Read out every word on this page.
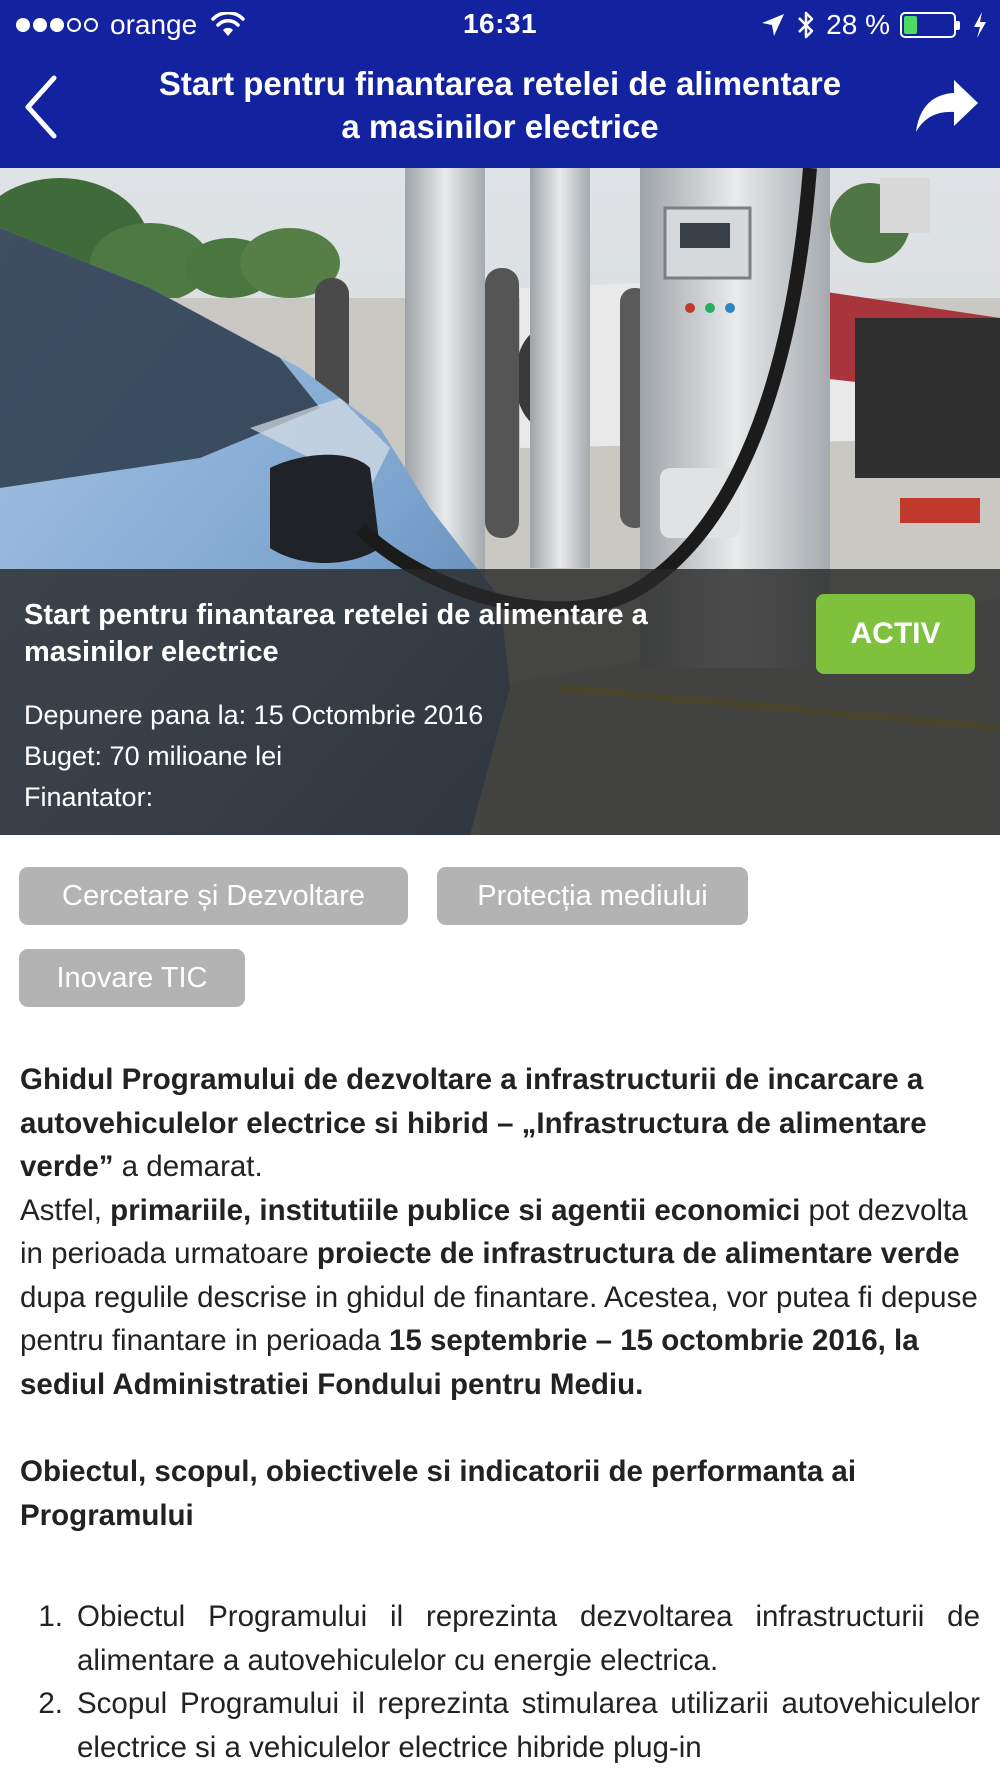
orange	16:31	28 %
Start pentru finantarea retelei de alimentare
a masinilor electrice
Start pentru finantarea retelei de alimentare a
masinilor electrice
ACTIV
Depunere pana la: 15 Octombrie 2016
Buget: 70 milioane lei
Finantator:
Cercetare și Dezvoltare	Protecția mediului
Inovare TIC

Ghidul Programului de dezvoltare a infrastructurii de incarcare a autovehiculelor electrice si hibrid – „Infrastructura de alimentare verde” a demarat.

Astfel, primariile, institutiile publice si agentii economici pot dezvolta in perioada urmatoare proiecte de infrastructura de alimentare verde dupa regulile descrise in ghidul de finantare. Acestea, vor putea fi depuse pentru finantare in perioada 15 septembrie – 15 octombrie 2016, la sediul Administratiei Fondului pentru Mediu.

Obiectul, scopul, obiectivele si indicatorii de performanta ai Programului

1. Obiectul Programului il reprezinta dezvoltarea infrastructurii de alimentare a autovehiculelor cu energie electrica.
2. Scopul Programului il reprezinta stimularea utilizarii autovehiculelor electrice si a vehiculelor electrice hibride plug-in
